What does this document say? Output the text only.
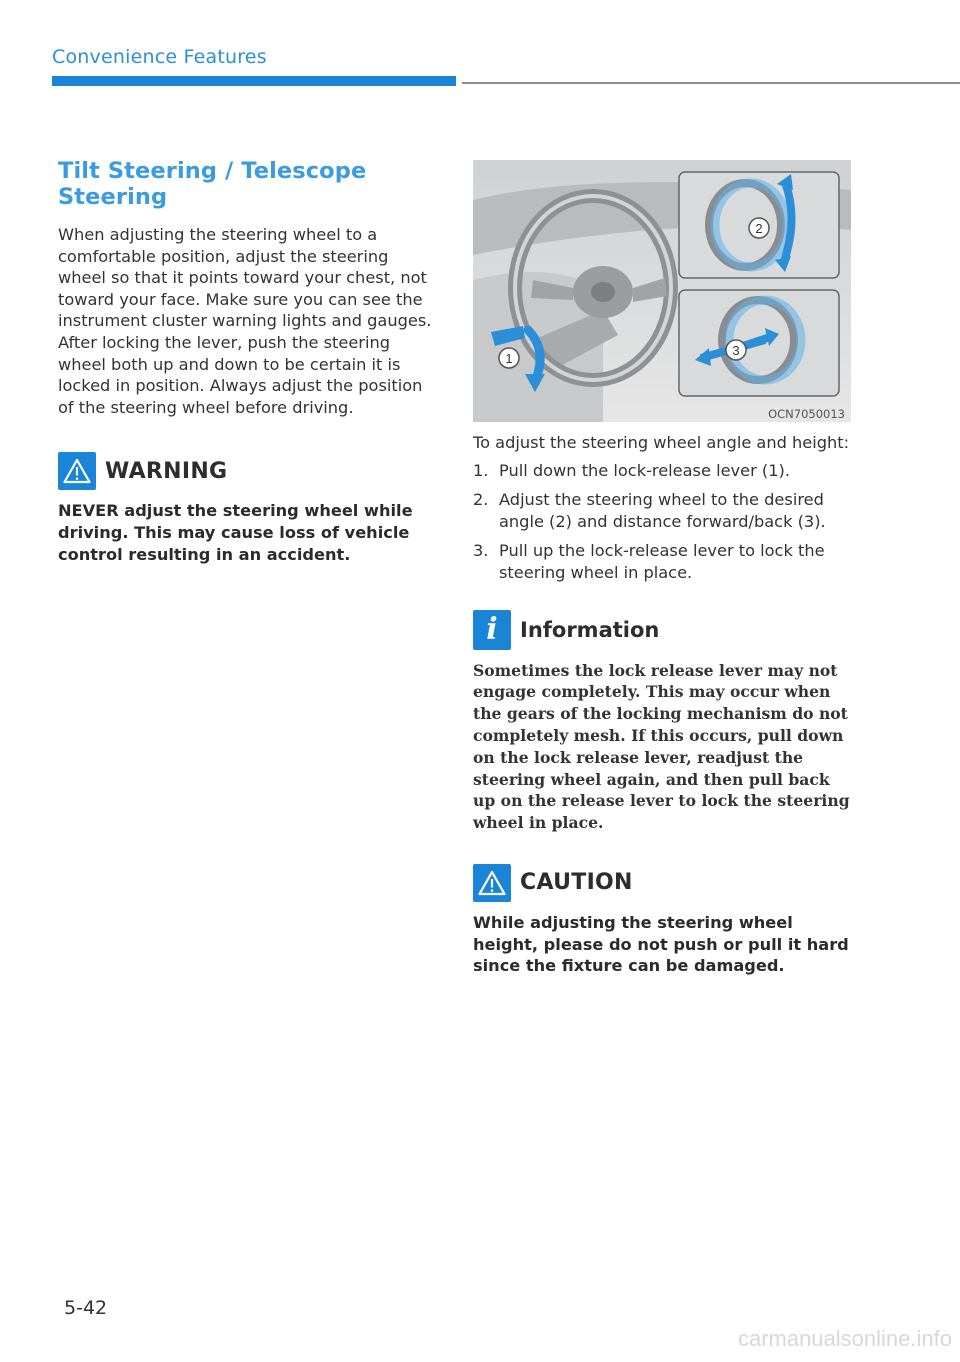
Convenience Features
Tilt Steering / Telescope Steering

When adjusting the steering wheel to a comfortable position, adjust the steering wheel so that it points toward your chest, not toward your face. Make sure you can see the instrument cluster warning lights and gauges. After locking the lever, push the steering wheel both up and down to be certain it is locked in position. Always adjust the position of the steering wheel before driving.

WARNING

NEVER adjust the steering wheel while driving. This may cause loss of vehicle control resulting in an accident.

1
2
3
OCN7050013

To adjust the steering wheel angle and height:

1. Pull down the lock-release lever (1).
2. Adjust the steering wheel to the desired angle (2) and distance forward/back (3).
3. Pull up the lock-release lever to lock the steering wheel in place.
i Information

Sometimes the lock release lever may not engage completely. This may occur when the gears of the locking mechanism do not completely mesh. If this occurs, pull down on the lock release lever, readjust the steering wheel again, and then pull back up on the release lever to lock the steering wheel in place.

CAUTION

While adjusting the steering wheel height, please do not push or pull it hard since the fixture can be damaged.

5-42
carmanualsonline.info
